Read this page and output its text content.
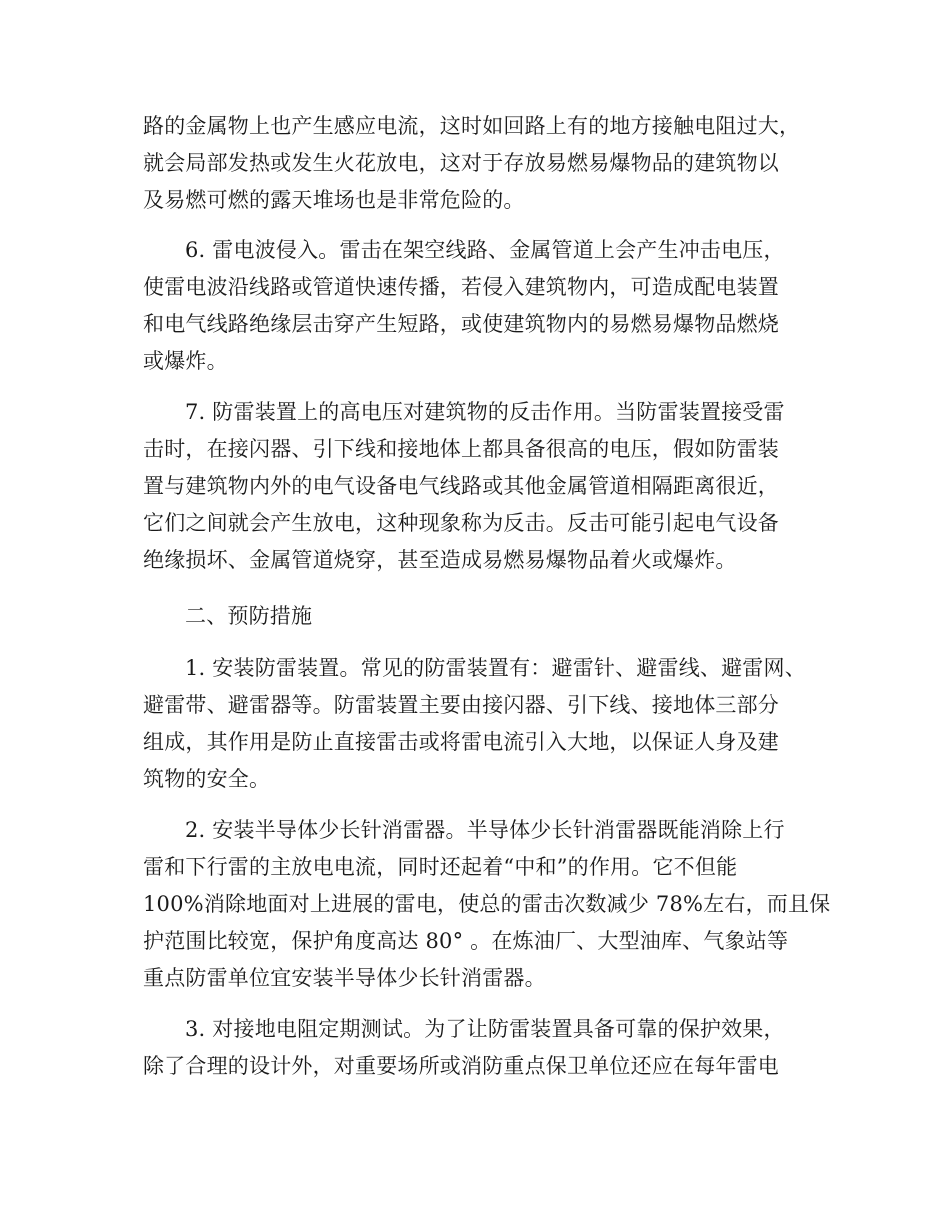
路的金属物上也产生感应电流，这时如回路上有的地方接触电阻过大，
就会局部发热或发生火花放电，这对于存放易燃易爆物品的建筑物以
及易燃可燃的露天堆场也是非常危险的。
6. 雷电波侵入。雷击在架空线路、金属管道上会产生冲击电压，
使雷电波沿线路或管道快速传播，若侵入建筑物内，可造成配电装置
和电气线路绝缘层击穿产生短路，或使建筑物内的易燃易爆物品燃烧
或爆炸。
7. 防雷装置上的高电压对建筑物的反击作用。当防雷装置接受雷
击时，在接闪器、引下线和接地体上都具备很高的电压，假如防雷装
置与建筑物内外的电气设备电气线路或其他金属管道相隔距离很近，
它们之间就会产生放电，这种现象称为反击。反击可能引起电气设备
绝缘损坏、金属管道烧穿，甚至造成易燃易爆物品着火或爆炸。
二、预防措施
1. 安装防雷装置。常见的防雷装置有：避雷针、避雷线、避雷网、
避雷带、避雷器等。防雷装置主要由接闪器、引下线、接地体三部分
组成，其作用是防止直接雷击或将雷电流引入大地，以保证人身及建
筑物的安全。
2. 安装半导体少长针消雷器。半导体少长针消雷器既能消除上行
雷和下行雷的主放电电流，同时还起着“中和”的作用。它不但能
100%消除地面对上进展的雷电，使总的雷击次数减少 78%左右，而且保
护范围比较宽，保护角度高达 80° 。在炼油厂、大型油库、气象站等
重点防雷单位宜安装半导体少长针消雷器。
3. 对接地电阻定期测试。为了让防雷装置具备可靠的保护效果，
除了合理的设计外，对重要场所或消防重点保卫单位还应在每年雷电
